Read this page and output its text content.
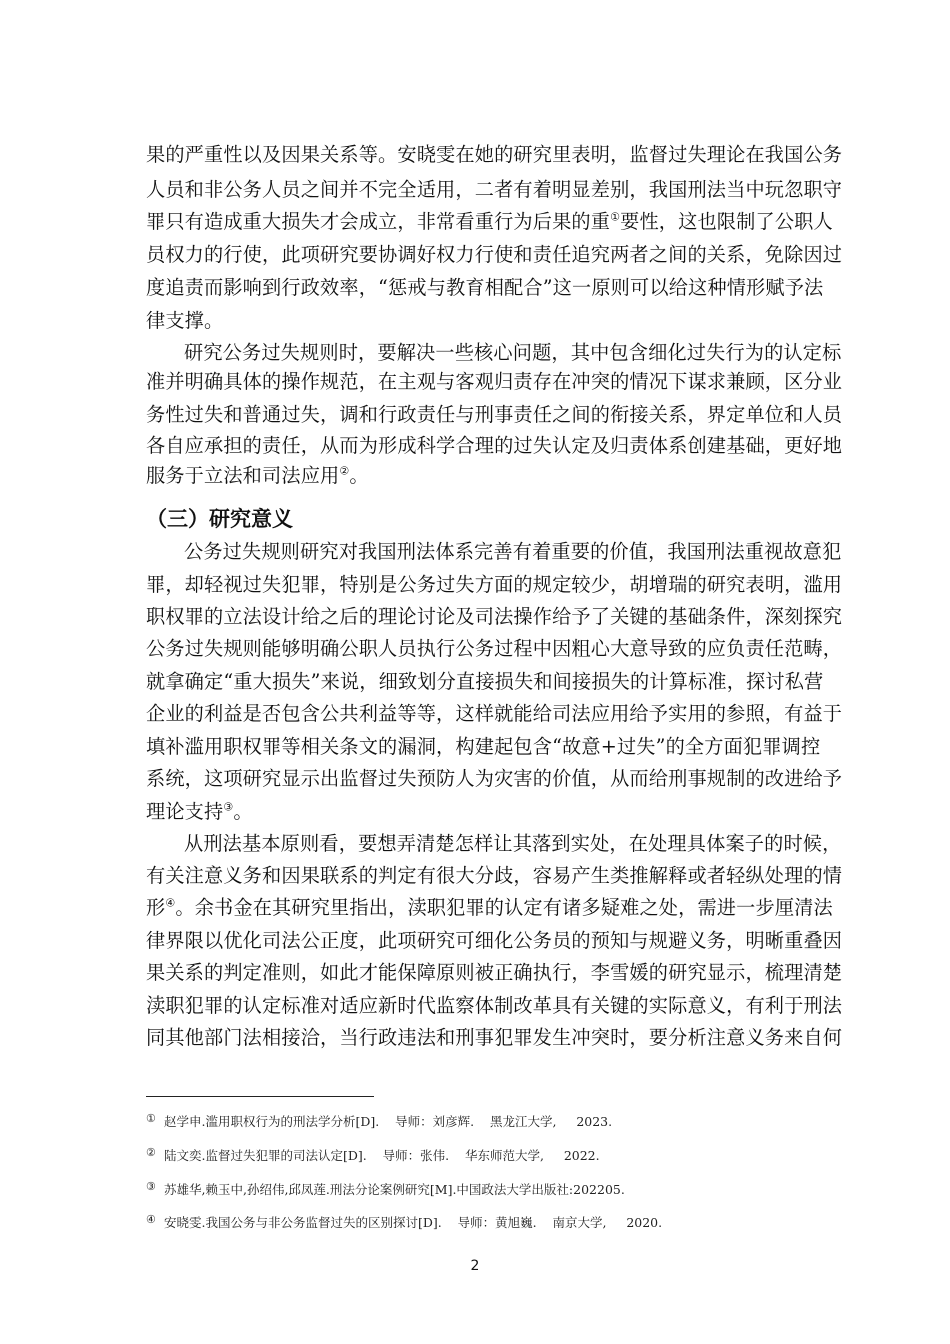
果的严重性以及因果关系等。安晓雯在她的研究里表明，监督过失理论在我国公务
人员和非公务人员之间并不完全适用，二者有着明显差别，我国刑法当中玩忽职守
罪只有造成重大损失才会成立，非常看重行为后果的重①要性，这也限制了公职人
员权力的行使，此项研究要协调好权力行使和责任追究两者之间的关系，免除因过
度追责而影响到行政效率，“惩戒与教育相配合”这一原则可以给这种情形赋予法
律支撑。
研究公务过失规则时，要解决一些核心问题，其中包含细化过失行为的认定标
准并明确具体的操作规范，在主观与客观归责存在冲突的情况下谋求兼顾，区分业
务性过失和普通过失，调和行政责任与刑事责任之间的衔接关系，界定单位和人员
各自应承担的责任，从而为形成科学合理的过失认定及归责体系创建基础，更好地
（三）研究意义
公务过失规则研究对我国刑法体系完善有着重要的价值，我国刑法重视故意犯
罪，却轻视过失犯罪，特别是公务过失方面的规定较少，胡增瑞的研究表明，滥用
职权罪的立法设计给之后的理论讨论及司法操作给予了关键的基础条件，深刻探究
公务过失规则能够明确公职人员执行公务过程中因粗心大意导致的应负责任范畴，
就拿确定“重大损失”来说，细致划分直接损失和间接损失的计算标准，探讨私营
企业的利益是否包含公共利益等等，这样就能给司法应用给予实用的参照，有益于
填补滥用职权罪等相关条文的漏洞，构建起包含“故意+过失”的全方面犯罪调控
系统，这项研究显示出监督过失预防人为灾害的价值，从而给刑事规制的改进给予
理论支持③。
从刑法基本原则看，要想弄清楚怎样让其落到实处，在处理具体案子的时候，
有关注意义务和因果联系的判定有很大分歧，容易产生类推解释或者轻纵处理的情
形④。余书金在其研究里指出，渎职犯罪的认定有诸多疑难之处，需进一步厘清法
律界限以优化司法公正度，此项研究可细化公务员的预知与规避义务，明晰重叠因
果关系的判定准则，如此才能保障原则被正确执行，李雪媛的研究显示，梳理清楚
① 赵学申.滥用职权行为的刑法学分析[D].    导师：刘彦辉.    黑龙江大学,     2023.
② 陆文奕.监督过失犯罪的司法认定[D].    导师：张伟.    华东师范大学,     2022.
③ 苏雄华,赖玉中,孙绍伟,邱凤莲.刑法分论案例研究[M].中国政法大学出版社:202205.
④ 安晓雯.我国公务与非公务监督过失的区别探讨[D].    导师：黄旭巍.    南京大学,     2020.
2
服务于立法和司法应用②。
渎职犯罪的认定标准对适应新时代监察体制改革具有关键的实际意义，有利于刑法
同其他部门法相接洽，当行政违法和刑事犯罪发生冲突时，要分析注意义务来自何
